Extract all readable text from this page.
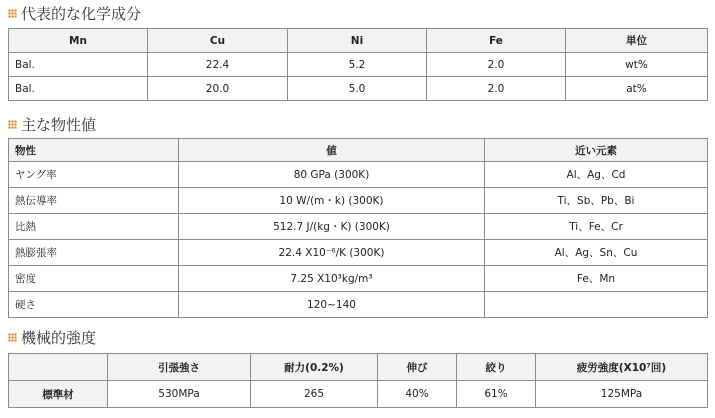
代表的な化学成分
Mn	Cu	Ni	Fe	単位
Bal.	22.4	5.2	2.0	wt%
Bal.	20.0	5.0	2.0	at%
主な物性値
物性	値	近い元素
ヤング率	80 GPa (300K)	Al、Ag、Cd
熱伝導率	10 W/(m・k) (300K)	Ti、Sb、Pb、Bi
比熱	512.7 J/(kg・K) (300K)	Ti、Fe、Cr
熱膨張率	22.4 X10⁻⁶/K (300K)	Al、Ag、Sn、Cu
密度	7.25 X10³kg/m³	Fe、Mn
硬さ	120~140	
機械的強度
	引張強さ	耐力(0.2%)	伸び	絞り	疲労強度(X10⁷回)
標準材	530MPa	265	40%	61%	125MPa
